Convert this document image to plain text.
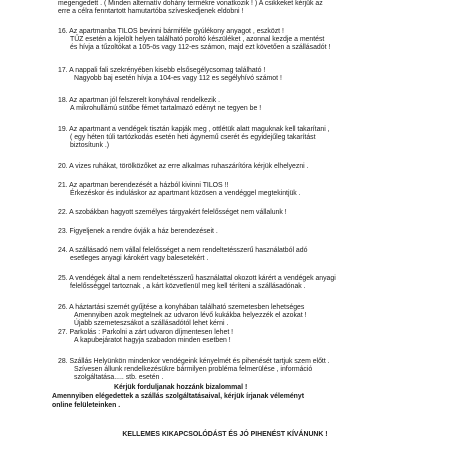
megengedett . ( Minden alternatív dohány termékre vonatkozik ! ) A csikkeket kérjük az
erre a célra fenntartott hamutartóba szíveskedjenek eldobni !
16. Az apartmanba TILOS bevinni bármiféle gyúlékony anyagot , eszközt !
TŰZ esetén a kijelölt helyen található poroltó készüléket , azonnal kezdje a mentést
és hívja a tűzoltókat a 105-ös vagy 112-es számon, majd ezt követően a szállásadót !
17. A nappali fali szekrényében kisebb elsősegélycsomag található !
Nagyobb baj esetén hívja a 104-es vagy 112 es segélyhívó számot !
18. Az apartman jól felszerelt konyhával rendelkezik .
A mikrohullámú sütőbe fémet tartalmazó edényt ne tegyen be !
19. Az apartmant a vendégek tisztán kapják meg , ottlétük alatt maguknak kell takarítani ,
( egy héten túli tartózkodás esetén heti ágynemű cserét és egyidejűleg takarítást
biztosítunk .)
20. A vizes ruhákat, törölközőket az erre alkalmas ruhaszárítóra kérjük elhelyezni .
21. Az apartman berendezését a házból kivinni TILOS !!
Érkezéskor és induláskor az apartmant közösen a vendéggel megtekintjük .
22. A szobákban hagyott személyes tárgyakért felelősséget nem vállalunk !
23. Figyeljenek a rendre óvják a ház berendezéseit .
24. A szállásadó nem vállal felelősséget a nem rendeltetésszerű használatból adó
esetleges anyagi károkért vagy balesetekért .
25. A vendégek által a nem rendeltetésszerű használattal okozott kárért a vendégek anyagi
felelősséggel tartoznak , a kárt közvetlenül meg kell téríteni a szállásadónak .
26. A háztartási szemét gyűjtése a konyhában található szemetesben lehetséges
Amennyiben azok megtelnek az udvaron lévő kukákba helyezzék el azokat !
Újabb szemeteszsákot a szállásadótól lehet kérni .
27. Parkolás : Parkolni a zárt udvaron díjmentesen lehet !
A kapubejáratot hagyja szabadon minden esetben !
28. Szállás Helyünkön mindenkor vendégeink kényelmét és pihenését tartjuk szem előtt .
Szívesen állunk rendelkezésükre bármilyen probléma felmerülése , információ
szolgáltatása..... stb. esetén .
Kérjük forduljanak hozzánk bizalommal !
Amennyiben elégedettek a szállás szolgáltatásaival, kérjük írjanak véleményt
online felületeinken .
KELLEMES KIKAPCSOLÓDÁST ÉS JÓ PIHENÉST KÍVÁNUNK !
